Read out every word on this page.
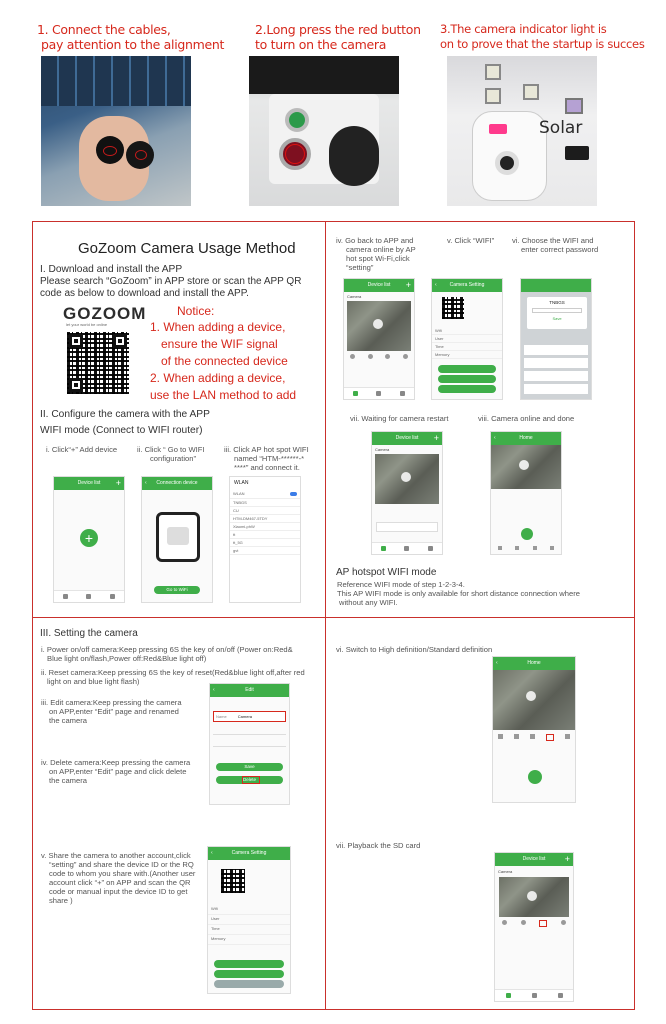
1. Connect the cables,
pay attention to the alignment
2.Long press the red button
to turn on the camera
3.The camera indicator light is
on to prove that the startup is succes
Solar
GoZoom Camera Usage Method
I. Download and install the APP
Please search “GoZoom” in APP store or scan the APP QR
code as below to download and install the APP.
GOZOOM
let your world be online
Notice:
1. When adding a device,
ensure the WIF signal
of the connected device
2. When adding a device,
use the LAN method to add
II. Configure the camera with the APP
WIFI mode (Connect to WIFI router)
i. Click“+” Add device	ii. Click “ Go to WIFI
configuration”
iii. Click AP hot spot WIFI
named “HTM-******-*
****” and connect it.
Device list +
+
‹ Connection device
Go to WiFi configuration
WLAN
WLAN
TNBGS
CU
HTM-DM467-5TDY
Xiaomi-phW
tt
tt_5G
gvt
iv. Go back to APP and
camera online by AP
hot spot Wi-Fi,click
“setting”
v. Click “WIFI” vi. Choose the WIFI and
enter correct password
Device list +
Camera
‹	Camera Setting
Wifi
User
Time
Memory
TNBGS
Save
vii. Waiting for camera restart	viii. Camera online and done
Device list +
Camera
‹	Home
AP hotspot WIFI mode
Reference WIFI mode of step 1-2-3-4.
This AP WIFI mode is only available for short distance connection where
without any WIFI.
III. Setting the camera
i. Power on/off camera:Keep pressing 6S the key of on/off (Power on:Red&
Blue light on/flash,Power off:Red&Blue light off)
ii. Reset camera:Keep pressing 6S the key of reset(Red&blue light off,after red
light on and blue light flash)
iii. Edit camera:Keep pressing the camera
on APP,enter “Edit” page and renamed
the camera
iv. Delete camera:Keep pressing the camera
on APP,enter “Edit” page and click delete
the camera
v. Share the camera to another account,click
“setting” and share the device ID or the RQ
code to whom you share with.(Another user
account click “+” on APP and scan the QR
code or manual input the device ID to get
share )
‹	Edit
Name	Camera
Save
Delete
‹	Camera Setting
Wifi
User
Time
Memory
vi. Switch to High definition/Standard definition
‹	Home
vii. Playback the SD card
Device list +
Camera
